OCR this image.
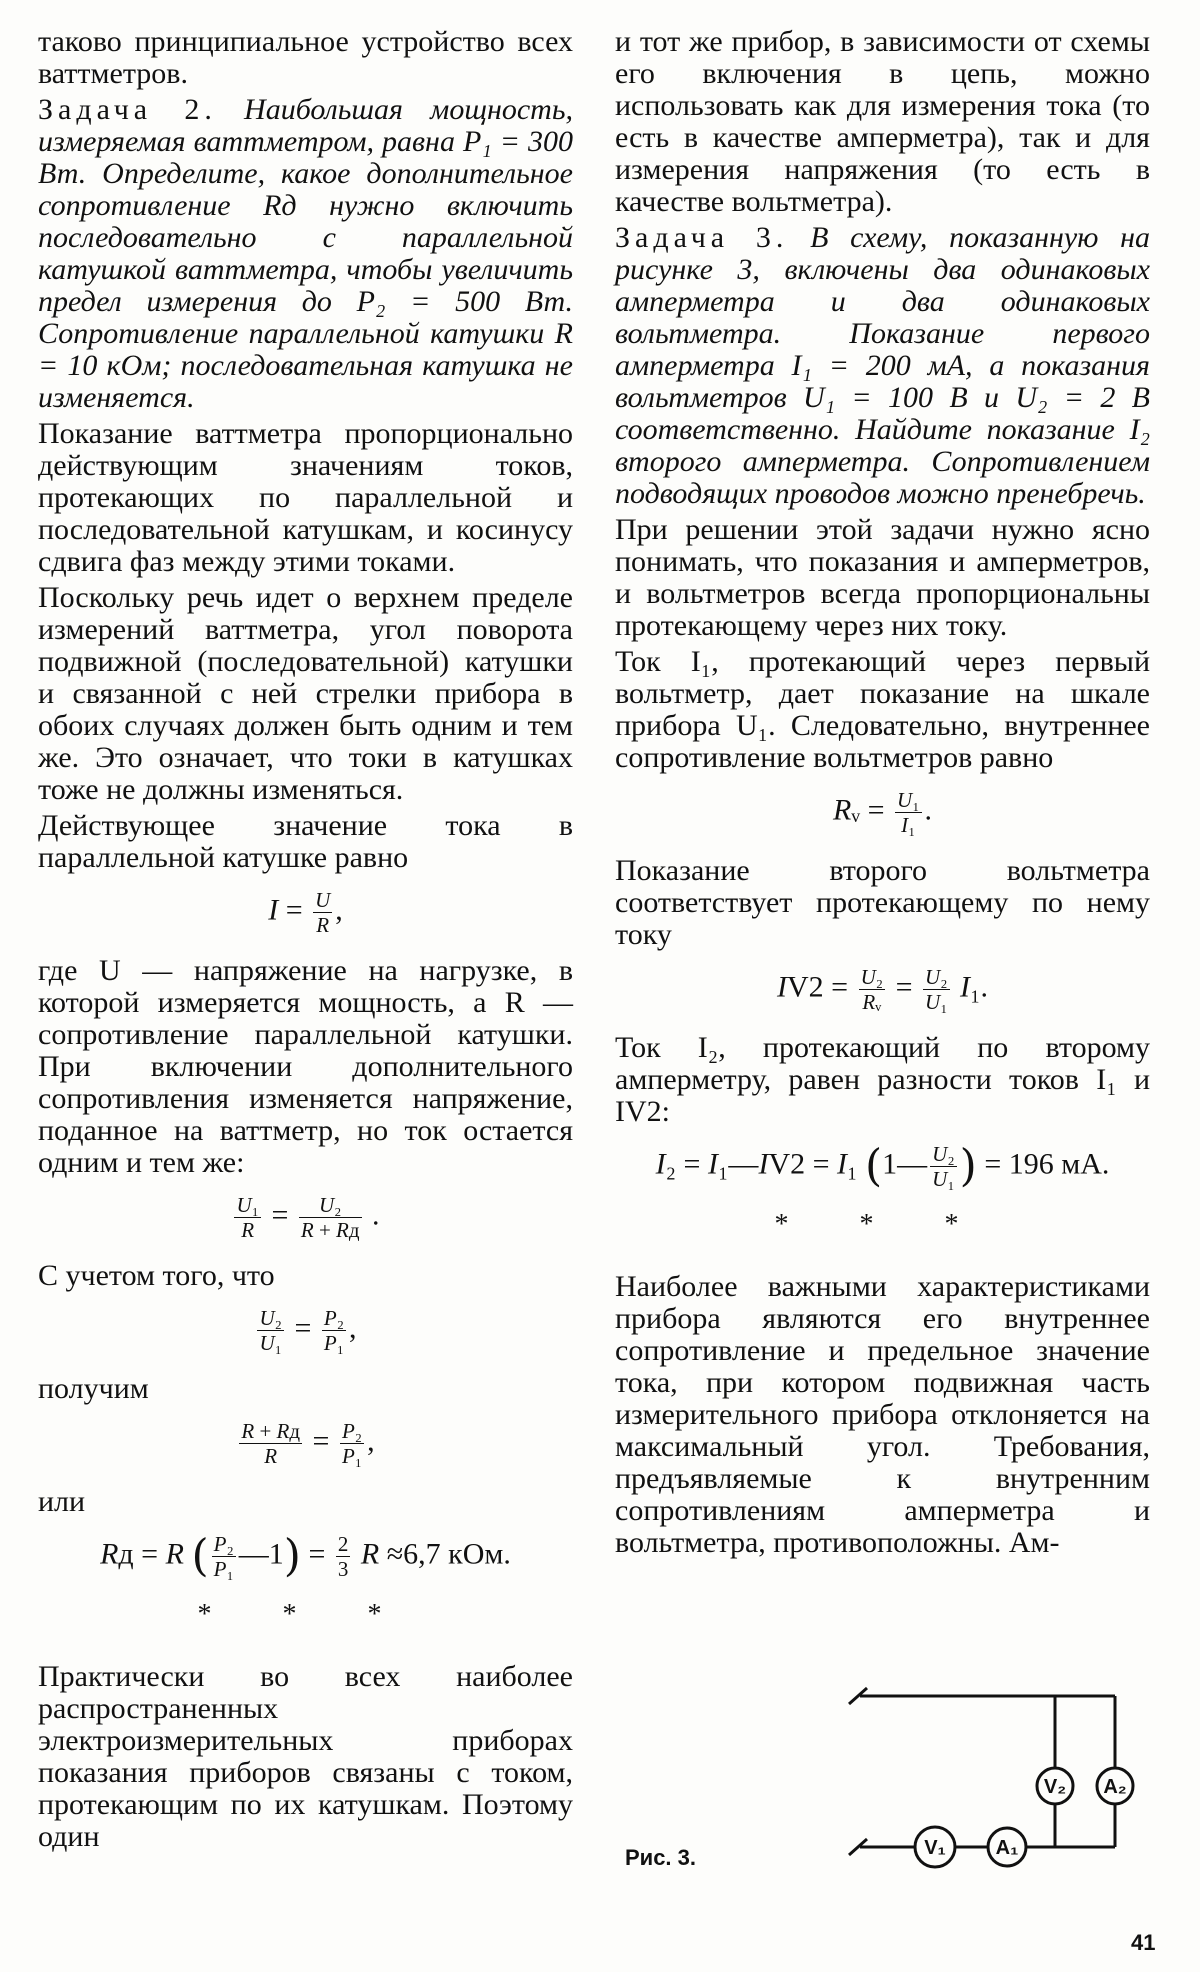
таково принципиальное устройство всех ваттметров.

Задача 2. Наибольшая мощность, измеряемая ваттметром, равна P₁ = 300 Вт. Определите, какое дополнительное сопротивление Rд нужно включить последовательно с параллельной катушкой ваттметра, чтобы увеличить предел измерения до P₂ = 500 Вт. Сопротивление параллельной катушки R = 10 кОм; последовательная катушка не изменяется.

Показание ваттметра пропорционально действующим значениям токов, протекающих по параллельной и последовательной катушкам, и косинусу сдвига фаз между этими токами.

Поскольку речь идет о верхнем пределе измерений ваттметра, угол поворота подвижной (последовательной) катушки и связанной с ней стрелки прибора в обоих случаях должен быть одним и тем же. Это означает, что токи в катушках тоже не должны изменяться.

Действующее значение тока в параллельной катушке равно

$I = \frac{U}{R}$ ,

где U — напряжение на нагрузке, в которой измеряется мощность, а R — сопротивление параллельной катушки. При включении дополнительного сопротивления изменяется напряжение, поданное на ваттметр, но ток остается одним и тем же:

$\frac{\text{U₁}}{R} = \frac{\text{U₂}}{R + Rд}$ .

С учетом того, что

$\frac{\text{U₂}}{\text{U₁}} = \frac{\text{P₂}}{\text{P₁}}$ ,

получим

$\frac{R + Rд}{R} = \frac{\text{P₂}}{\text{P₁}}$ ,

или

Rд = R ( $\frac{\text{P₂}}{\text{P₁}}$ —1) = $\frac{2}{3}$ R ≈6,7 кОм.
* * *

Практически во всех наиболее распространенных электроизмерительных приборах показания приборов связаны с током, протекающим по их катушкам. Поэтому один

и тот же прибор, в зависимости от схемы его включения в цепь, можно использовать как для измерения тока (то есть в качестве амперметра), так и для измерения напряжения (то есть в качестве вольтметра).

Задача 3. В схему, показанную на рисунке 3, включены два одинаковых амперметра и два одинаковых вольтметра. Показание первого амперметра I₁ = 200 мА, а показания вольтметров U₁ = 100 В и U₂ = 2 В соответственно. Найдите показание I₂ второго амперметра. Сопротивлением подводящих проводов можно пренебречь.

При решении этой задачи нужно ясно понимать, что показания и амперметров, и вольтметров всегда пропорциональны протекающему через них току.

Ток I₁, протекающий через первый вольтметр, дает показание на шкале прибора U₁. Следовательно, внутреннее сопротивление вольтметров равно

Rᵥ = $\frac{\text{U₁}}{\text{I₁}}$ .

Показание второго вольтметра соответствует протекающему по нему току

$IV2 = \frac{\text{U₂}}{\text{Rᵥ}} = \frac{\text{U₂}}{\text{U₁}} I_1$.

Ток I₂, протекающий по второму амперметру, равен разности токов I₁ и IV2:

I₂ = I₁—IV2 = I₁ (1— $\frac{\text{U₂}}{\text{U₁}}$ ) = 196 мА.
* * *

Наиболее важными характеристиками прибора являются его внутреннее сопротивление и предельное значение тока, при котором подвижная часть измерительного прибора отклоняется на максимальный угол. Требования, предъявляемые к внутренним сопротивлениям амперметра и вольтметра, противоположны. Ам-

V₁ A₁
V₂ A₂
Рис. 3.
41
